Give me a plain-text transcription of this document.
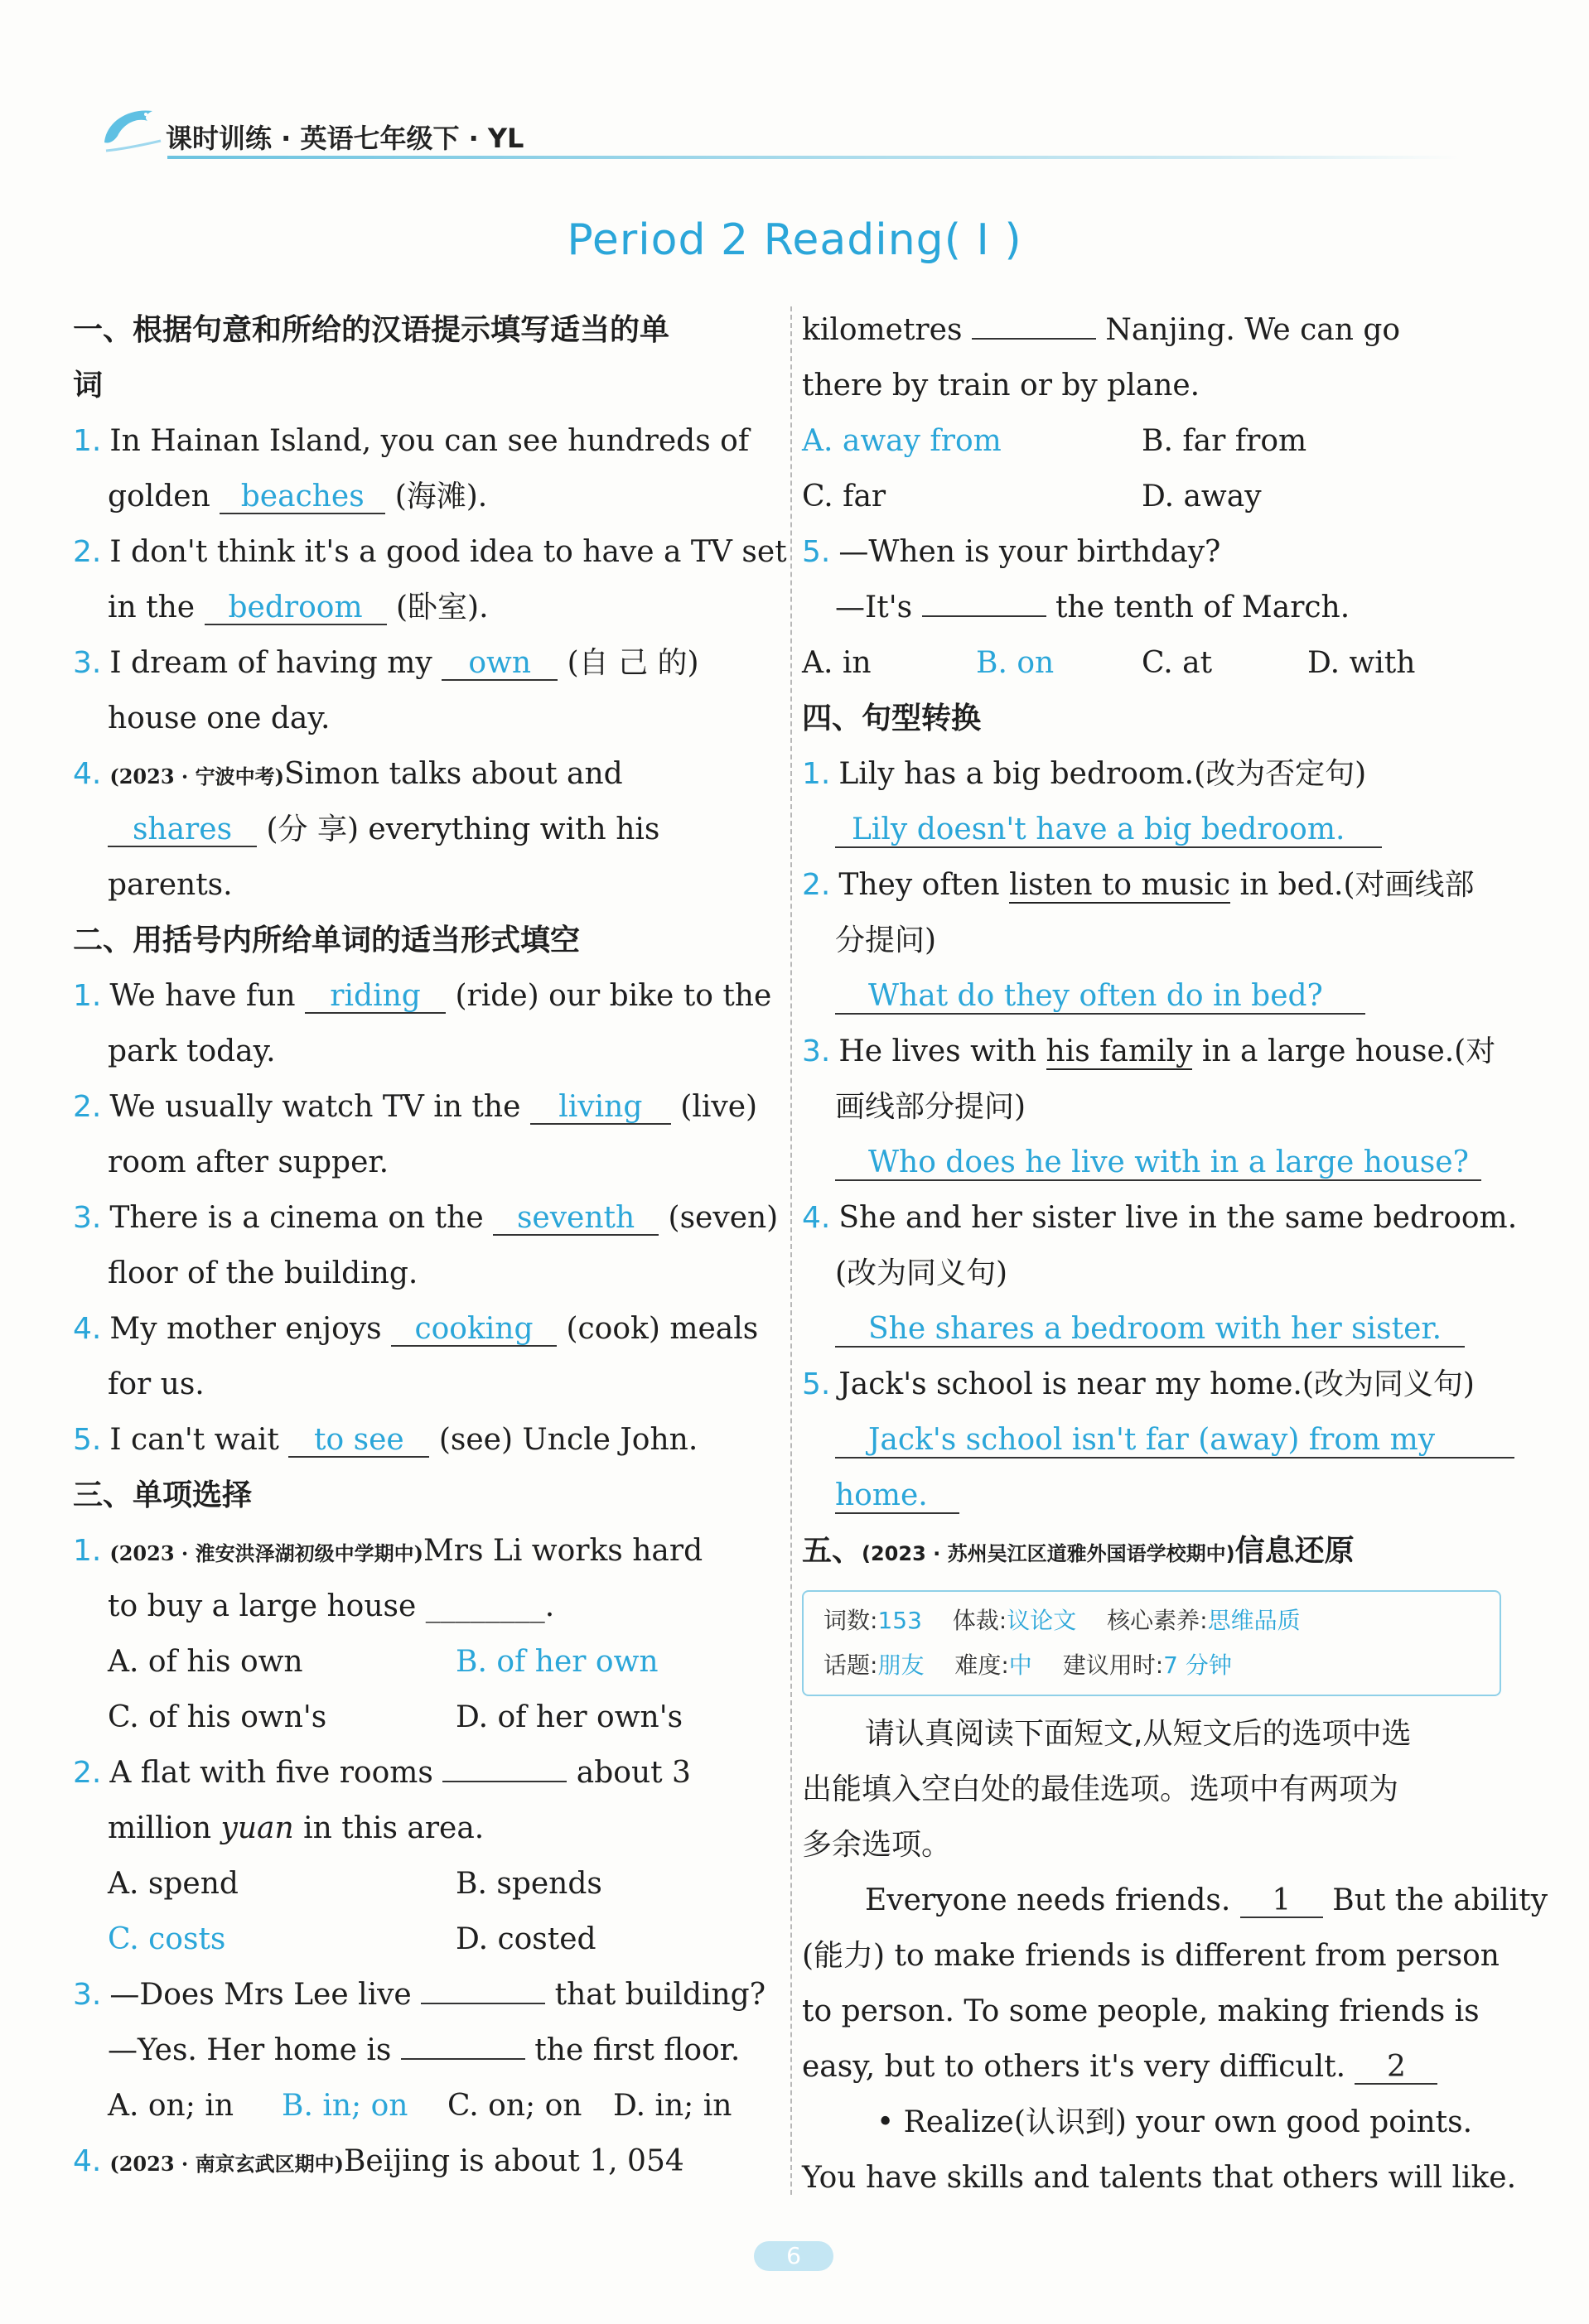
课时训练 · 英语七年级下 · YL
Period 2 Reading( Ⅰ )
一、根据句意和所给的汉语提示填写适当的单
词
1. In Hainan Island, you can see hundreds of
golden beaches (海滩).
2. I don't think it's a good idea to have a TV set
in the bedroom (卧室).
3. I dream of having my own (自 己 的)
house one day.
4. (2023 · 宁波中考)Simon talks about and
shares (分 享) everything with his
parents.
二、用括号内所给单词的适当形式填空
1. We have fun riding (ride) our bike to the
park today.
2. We usually watch TV in the living (live)
room after supper.
3. There is a cinema on the seventh (seven)
floor of the building.
4. My mother enjoys cooking (cook) meals
for us.
5. I can't wait to see (see) Uncle John.
三、单项选择
1. (2023 · 淮安洪泽湖初级中学期中)Mrs Li works hard
to buy a large house ________.
A. of his own	B. of her own
C. of his own's	D. of her own's
2. A flat with five rooms	about 3
million yuan in this area.
A. spend	B. spends
C. costs	D. costed
3. —Does Mrs Lee live	that building?
—Yes. Her home is	the first floor.
A. on; in	B. in; on	C. on; on	D. in; in
4. (2023 · 南京玄武区期中)Beijing is about 1, 054
kilometres	Nanjing. We can go
there by train or by plane.
A. away from	B. far from
C. far	D. away
5. —When is your birthday?
—It's	the tenth of March.
A. in	B. on	C. at	D. with
四、句型转换
1. Lily has a big bedroom.(改为否定句)
Lily doesn't have a big bedroom.
2. They often listen to music in bed.(对画线部
分提问)
What do they often do in bed?
3. He lives with his family in a large house.(对
画线部分提问)
Who does he live with in a large house?
4. She and her sister live in the same bedroom.
(改为同义句)
She shares a bedroom with her sister.
5. Jack's school is near my home.(改为同义句)
Jack's school isn't far (away) from my
home.
五、(2023 · 苏州吴江区道雅外国语学校期中)信息还原
词数:153 体裁:议论文 核心素养:思维品质
话题:朋友 难度:中 建议用时:7 分钟
请认真阅读下面短文,从短文后的选项中选
出能填入空白处的最佳选项。选项中有两项为
多余选项。
Everyone needs friends. 1 But the ability
(能力) to make friends is different from person
to person. To some people, making friends is
easy, but to others it's very difficult. 2
• Realize(认识到) your own good points.
You have skills and talents that others will like.
6
